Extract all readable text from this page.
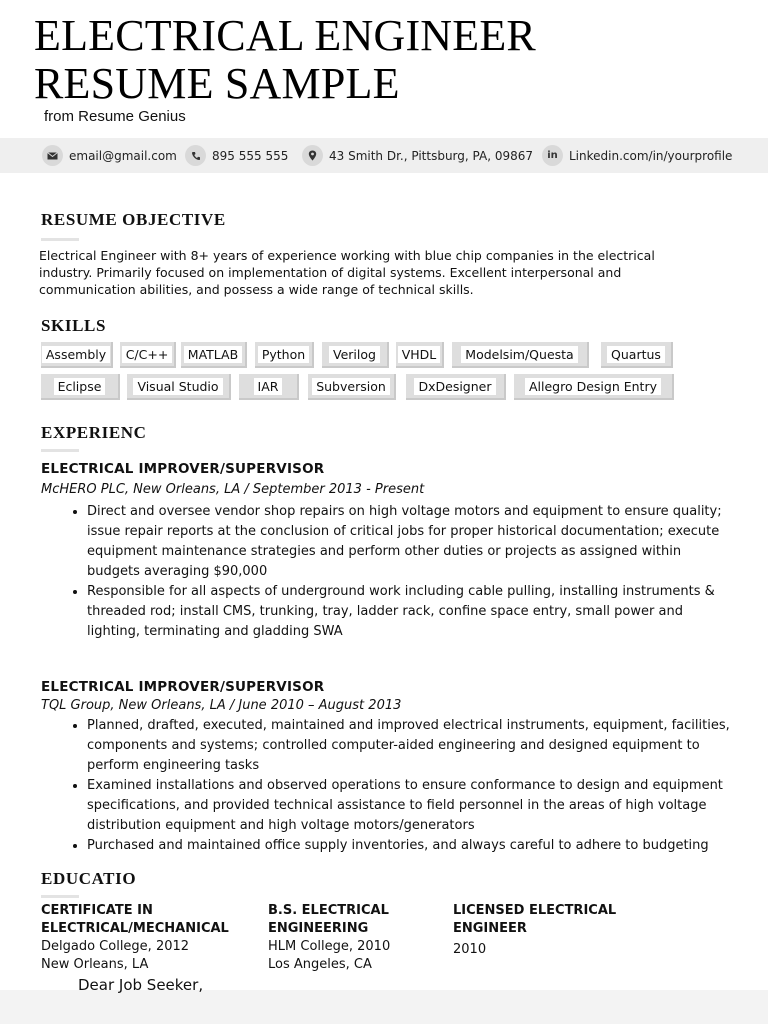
ELECTRICAL ENGINEER
RESUME SAMPLE
from Resume Genius
email@gmail.com	895 555 555	43 Smith Dr., Pittsburg, PA, 09867	in Linkedin.com/in/yourprofile
RESUME OBJECTIVE

Electrical Engineer with 8+ years of experience working with blue chip companies in the electrical industry. Primarily focused on implementation of digital systems. Excellent interpersonal and communication abilities, and possess a wide range of technical skills.

SKILLS
Assembly	C/C++	MATLAB	Python	Verilog	VHDL	Modelsim/Questa	Quartus
Eclipse	Visual Studio	IAR	Subversion	DxDesigner	Allegro Design Entry
EXPERIENC
ELECTRICAL IMPROVER/SUPERVISOR
McHERO PLC, New Orleans, LA / September 2013 - Present
• Direct and oversee vendor shop repairs on high voltage motors and equipment to ensure quality; issue repair reports at the conclusion of critical jobs for proper historical documentation; execute equipment maintenance strategies and perform other duties or projects as assigned within budgets averaging $90,000
• Responsible for all aspects of underground work including cable pulling, installing instruments & threaded rod; install CMS, trunking, tray, ladder rack, confine space entry, small power and lighting, terminating and gladding SWA
ELECTRICAL IMPROVER/SUPERVISOR
TQL Group, New Orleans, LA / June 2010 – August 2013
• Planned, drafted, executed, maintained and improved electrical instruments, equipment, facilities, components and systems; controlled computer-aided engineering and designed equipment to perform engineering tasks
• Examined installations and observed operations to ensure conformance to design and equipment specifications, and provided technical assistance to field personnel in the areas of high voltage distribution equipment and high voltage motors/generators
• Purchased and maintained office supply inventories, and always careful to adhere to budgeting
EDUCATIO
CERTIFICATE IN
ELECTRICAL/MECHANICAL
Delgado College, 2012
New Orleans, LA
B.S. ELECTRICAL
ENGINEERING
HLM College, 2010
Los Angeles, CA
LICENSED ELECTRICAL
ENGINEER
2010
Dear Job Seeker,
